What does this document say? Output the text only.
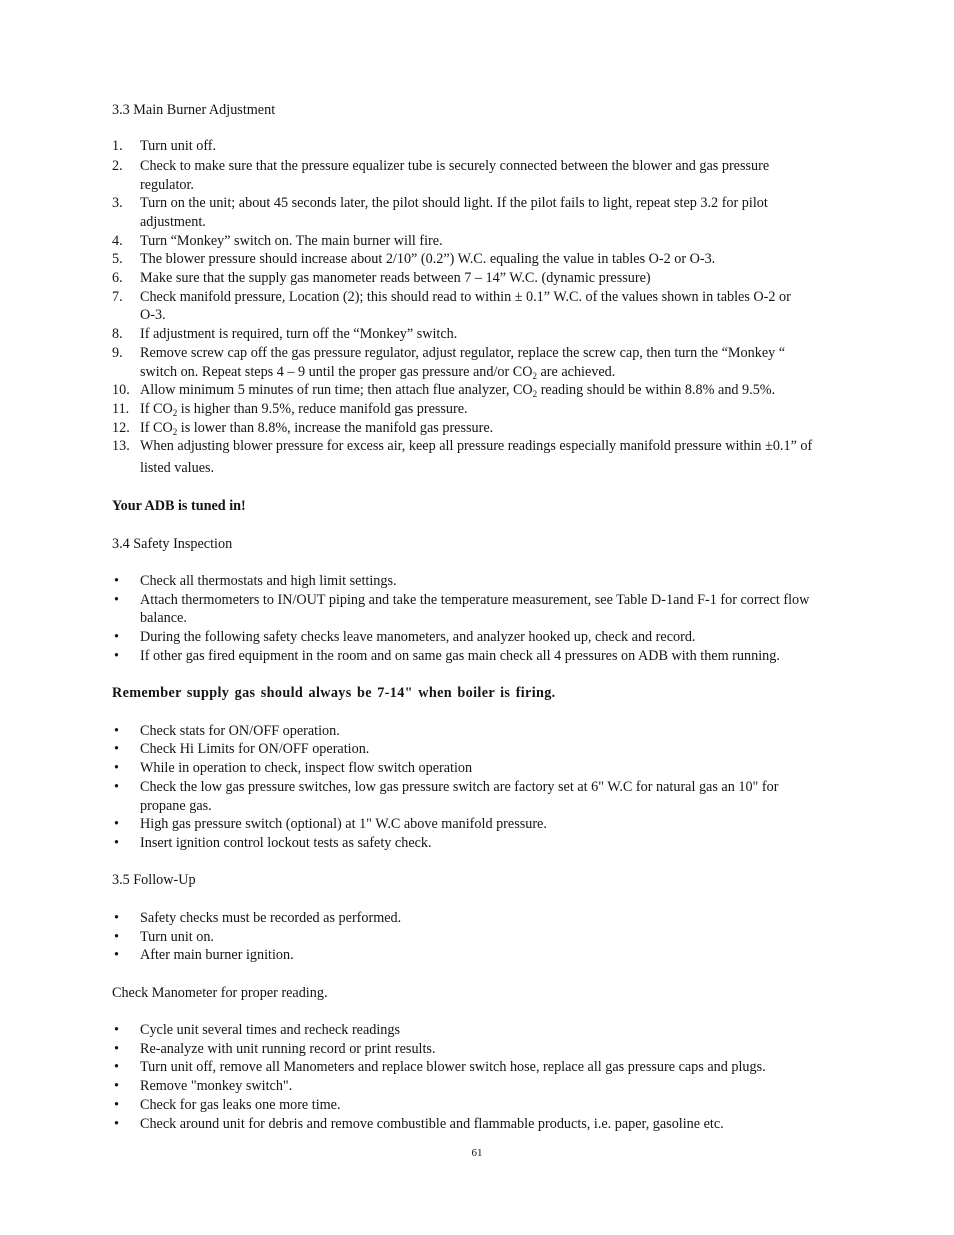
3.3 Main Burner Adjustment
1.	Turn unit off.
2.	Check to make sure that the pressure equalizer tube is securely connected between the blower and gas pressure
regulator.
3.	Turn on the unit; about 45 seconds later, the pilot should light. If the pilot fails to light, repeat step 3.2 for pilot
adjustment.
4.	Turn “Monkey” switch on. The main burner will fire.
5.	The blower pressure should increase about 2/10” (0.2”) W.C. equaling the value in tables O-2 or O-3.
6.	Make sure that the supply gas manometer reads between 7 – 14” W.C. (dynamic pressure)
7.	Check manifold pressure, Location (2); this should read to within ± 0.1” W.C. of the values shown in tables O-2 or
O-3.
8.	If adjustment is required, turn off the “Monkey” switch.
9.	Remove screw cap off the gas pressure regulator, adjust regulator, replace the screw cap, then turn the “Monkey “
switch on. Repeat steps 4 – 9 until the proper gas pressure and/or $CO_2$ are achieved.
10. Allow minimum 5 minutes of run time; then attach flue analyzer, $CO_2$ reading should be within 8.8% and 9.5%.
11. If $CO_2$ is higher than 9.5%, reduce manifold gas pressure.
12. If $CO_2$ is lower than 8.8%, increase the manifold gas pressure.
13. When adjusting blower pressure for excess air, keep all pressure readings especially manifold pressure within ±0.1” of
listed values.
Your ADB is tuned in!
3.4 Safety Inspection
• Check all thermostats and high limit settings.
• Attach thermometers to IN/OUT piping and take the temperature measurement, see Table D-1and F-1 for correct flow
balance.
• During the following safety checks leave manometers, and analyzer hooked up, check and record.
• If other gas fired equipment in the room and on same gas main check all 4 pressures on ADB with them running.
Remember supply gas should always be 7-14" when boiler is firing.
• Check stats for ON/OFF operation.
• Check Hi Limits for ON/OFF operation.
• While in operation to check, inspect flow switch operation
• Check the low gas pressure switches, low gas pressure switch are factory set at 6" W.C for natural gas an 10" for
propane gas.
• High gas pressure switch (optional) at 1" W.C above manifold pressure.
• Insert ignition control lockout tests as safety check.
3.5 Follow-Up
• Safety checks must be recorded as performed.
• Turn unit on.
• After main burner ignition.
Check Manometer for proper reading.
• Cycle unit several times and recheck readings
• Re-analyze with unit running record or print results.
• Turn unit off, remove all Manometers and replace blower switch hose, replace all gas pressure caps and plugs.
• Remove "monkey switch".
• Check for gas leaks one more time.
• Check around unit for debris and remove combustible and flammable products, i.e. paper, gasoline etc.
61
